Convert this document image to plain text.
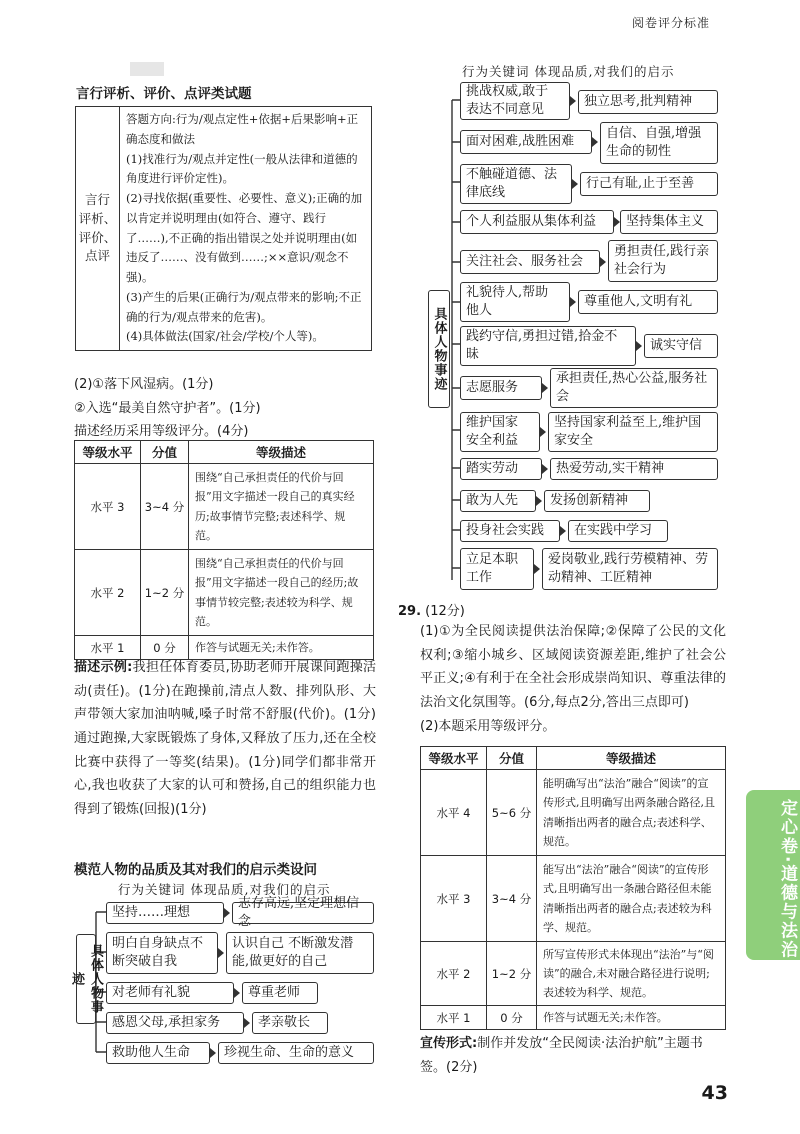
阅卷评分标准
言行评析、评价、点评类试题
言行
评析、
评价、
点评	
答题方向:行为/观点定性+依据+后果影响+正确态度和做法
(1)找准行为/观点并定性(一般从法律和道德的角度进行评价定性)。
(2)寻找依据(重要性、必要性、意义);正确的加以肯定并说明理由(如符合、遵守、践行了……),不正确的指出错误之处并说明理由(如违反了……、没有做到……;××意识/观念不强)。
(3)产生的后果(正确行为/观点带来的影响;不正确的行为/观点带来的危害)。
(4)具体做法(国家/社会/学校/个人等)。
(2)①落下风湿病。(1分)
②入选“最美自然守护者”。(1分)
描述经历采用等级评分。(4分)
等级水平	分值	等级描述
水平 3	3~4 分	围绕“自己承担责任的代价与回报”用文字描述一段自己的真实经历;故事情节完整;表述科学、规范。
水平 2	1~2 分	围绕“自己承担责任的代价与回报”用文字描述一段自己的经历;故事情节较完整;表述较为科学、规范。
水平 1	0 分	作答与试题无关;未作答。
描述示例:我担任体育委员,协助老师开展课间跑操活动(责任)。(1分)在跑操前,清点人数、排列队形、大声带领大家加油呐喊,嗓子时常不舒服(代价)。(1分)通过跑操,大家既锻炼了身体,又释放了压力,还在全校比赛中获得了一等奖(结果)。(1分)同学们都非常开心,我也收获了大家的认可和赞扬,自己的组织能力也得到了锻炼(回报)(1分)
模范人物的品质及其对我们的启示类设问
行为关键词 体现品质,对我们的启示
具体人物事迹
坚持……理想
志存高远,坚定理想信念
明白自身缺点不断突破自我
认识自己 不断激发潜能,做更好的自己
对老师有礼貌	尊重老师
感恩父母,承担家务	孝亲敬长
救助他人生命	珍视生命、生命的意义
行为关键词 体现品质,对我们的启示
具体人物事迹
挑战权威,敢于表达不同意见
独立思考,批判精神
面对困难,战胜困难
自信、自强,增强生命的韧性
不触碰道德、法律底线
行己有耻,止于至善
个人利益服从集体利益	坚持集体主义
关注社会、服务社会
勇担责任,践行亲社会行为
礼貌待人,帮助他人
尊重他人,文明有礼
践约守信,勇担过错,拾金不昧
诚实守信
志愿服务
承担责任,热心公益,服务社会
维护国家安全利益
坚持国家利益至上,维护国家安全
踏实劳动	热爱劳动,实干精神
敢为人先	发扬创新精神
投身社会实践	在实践中学习
立足本职工作
爱岗敬业,践行劳模精神、劳动精神、工匠精神
29. (12分)
(1)①为全民阅读提供法治保障;②保障了公民的文化权利;③缩小城乡、区域阅读资源差距,维护了社会公平正义;④有利于在全社会形成崇尚知识、尊重法律的法治文化氛围等。(6分,每点2分,答出三点即可)
(2)本题采用等级评分。
等级水平	分值	等级描述
水平 4	5~6 分	能明确写出“法治”融合“阅读”的宣传形式,且明确写出两条融合路径,且清晰指出两者的融合点;表述科学、规范。
水平 3	3~4 分	能写出“法治”融合“阅读”的宣传形式,且明确写出一条融合路径但未能清晰指出两者的融合点;表述较为科学、规范。
水平 2	1~2 分	所写宣传形式未体现出“法治”与“阅读”的融合,未对融合路径进行说明;表述较为科学、规范。
水平 1	0 分	作答与试题无关;未作答。
宣传形式:制作并发放“全民阅读·法治护航”主题书签。(2分)
定心卷·道德与法治
43
